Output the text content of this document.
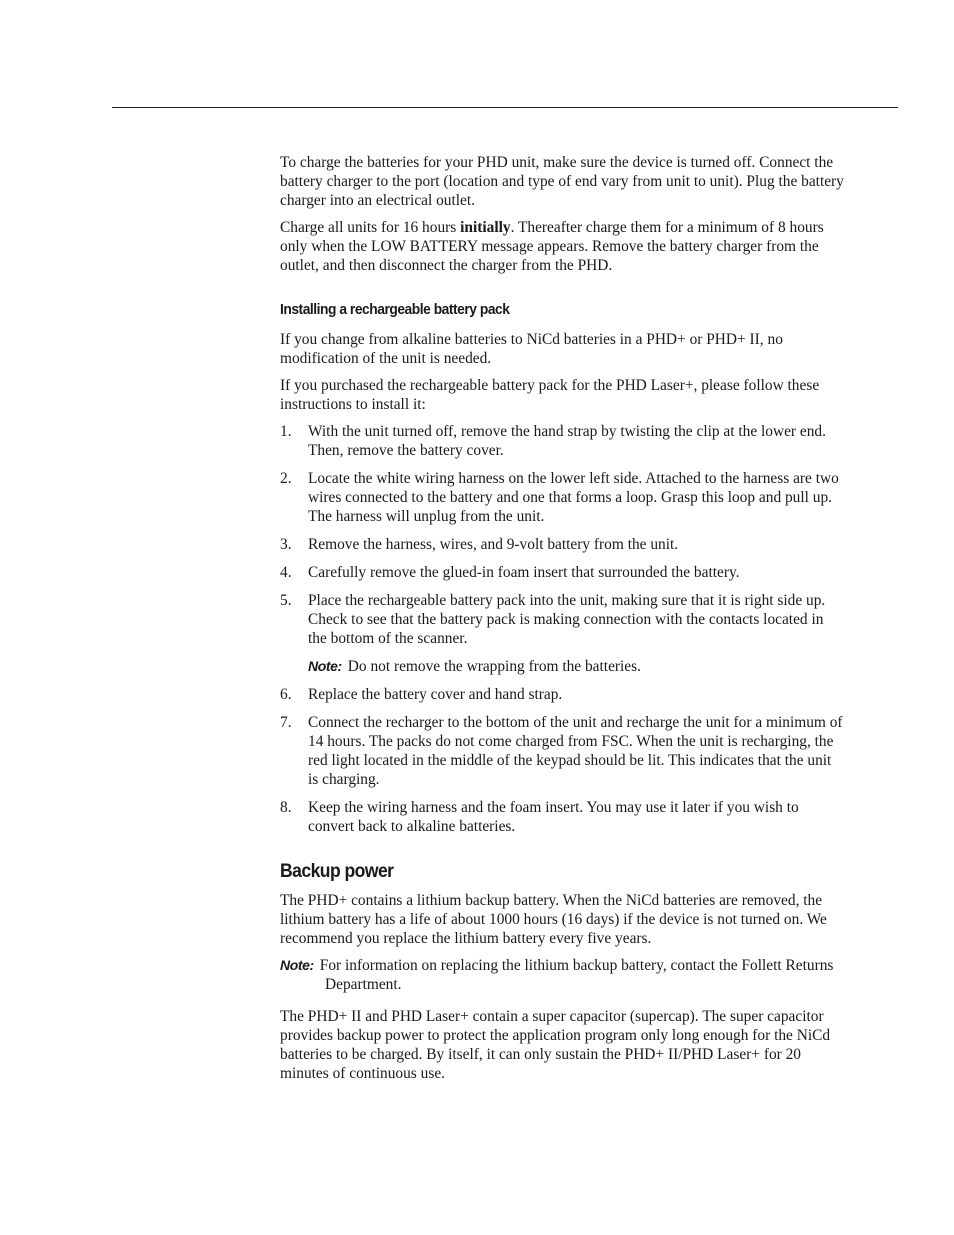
To charge the batteries for your PHD unit, make sure the device is turned off. Connect the battery charger to the port (location and type of end vary from unit to unit). Plug the battery charger into an electrical outlet.

Charge all units for 16 hours initially. Thereafter charge them for a minimum of 8 hours only when the LOW BATTERY message appears. Remove the battery charger from the outlet, and then disconnect the charger from the PHD.

Installing a rechargeable battery pack

If you change from alkaline batteries to NiCd batteries in a PHD+ or PHD+ II, no modification of the unit is needed.

If you purchased the rechargeable battery pack for the PHD Laser+, please follow these instructions to install it:

1. With the unit turned off, remove the hand strap by twisting the clip at the lower end. Then, remove the battery cover.
2. Locate the white wiring harness on the lower left side. Attached to the harness are two wires connected to the battery and one that forms a loop. Grasp this loop and pull up. The harness will unplug from the unit.
3. Remove the harness, wires, and 9-volt battery from the unit.
4. Carefully remove the glued-in foam insert that surrounded the battery.
5. Place the rechargeable battery pack into the unit, making sure that it is right side up. Check to see that the battery pack is making connection with the contacts located in the bottom of the scanner.
Note: Do not remove the wrapping from the batteries.
6. Replace the battery cover and hand strap.
7. Connect the recharger to the bottom of the unit and recharge the unit for a minimum of 14 hours. The packs do not come charged from FSC. When the unit is recharging, the red light located in the middle of the keypad should be lit. This indicates that the unit is charging.
8. Keep the wiring harness and the foam insert. You may use it later if you wish to convert back to alkaline batteries.
Backup power

The PHD+ contains a lithium backup battery. When the NiCd batteries are removed, the lithium battery has a life of about 1000 hours (16 days) if the device is not turned on. We recommend you replace the lithium battery every five years.

Note: For information on replacing the lithium backup battery, contact the Follett Returns Department.

The PHD+ II and PHD Laser+ contain a super capacitor (supercap). The super capacitor provides backup power to protect the application program only long enough for the NiCd batteries to be charged. By itself, it can only sustain the PHD+ II/PHD Laser+ for 20 minutes of continuous use.
